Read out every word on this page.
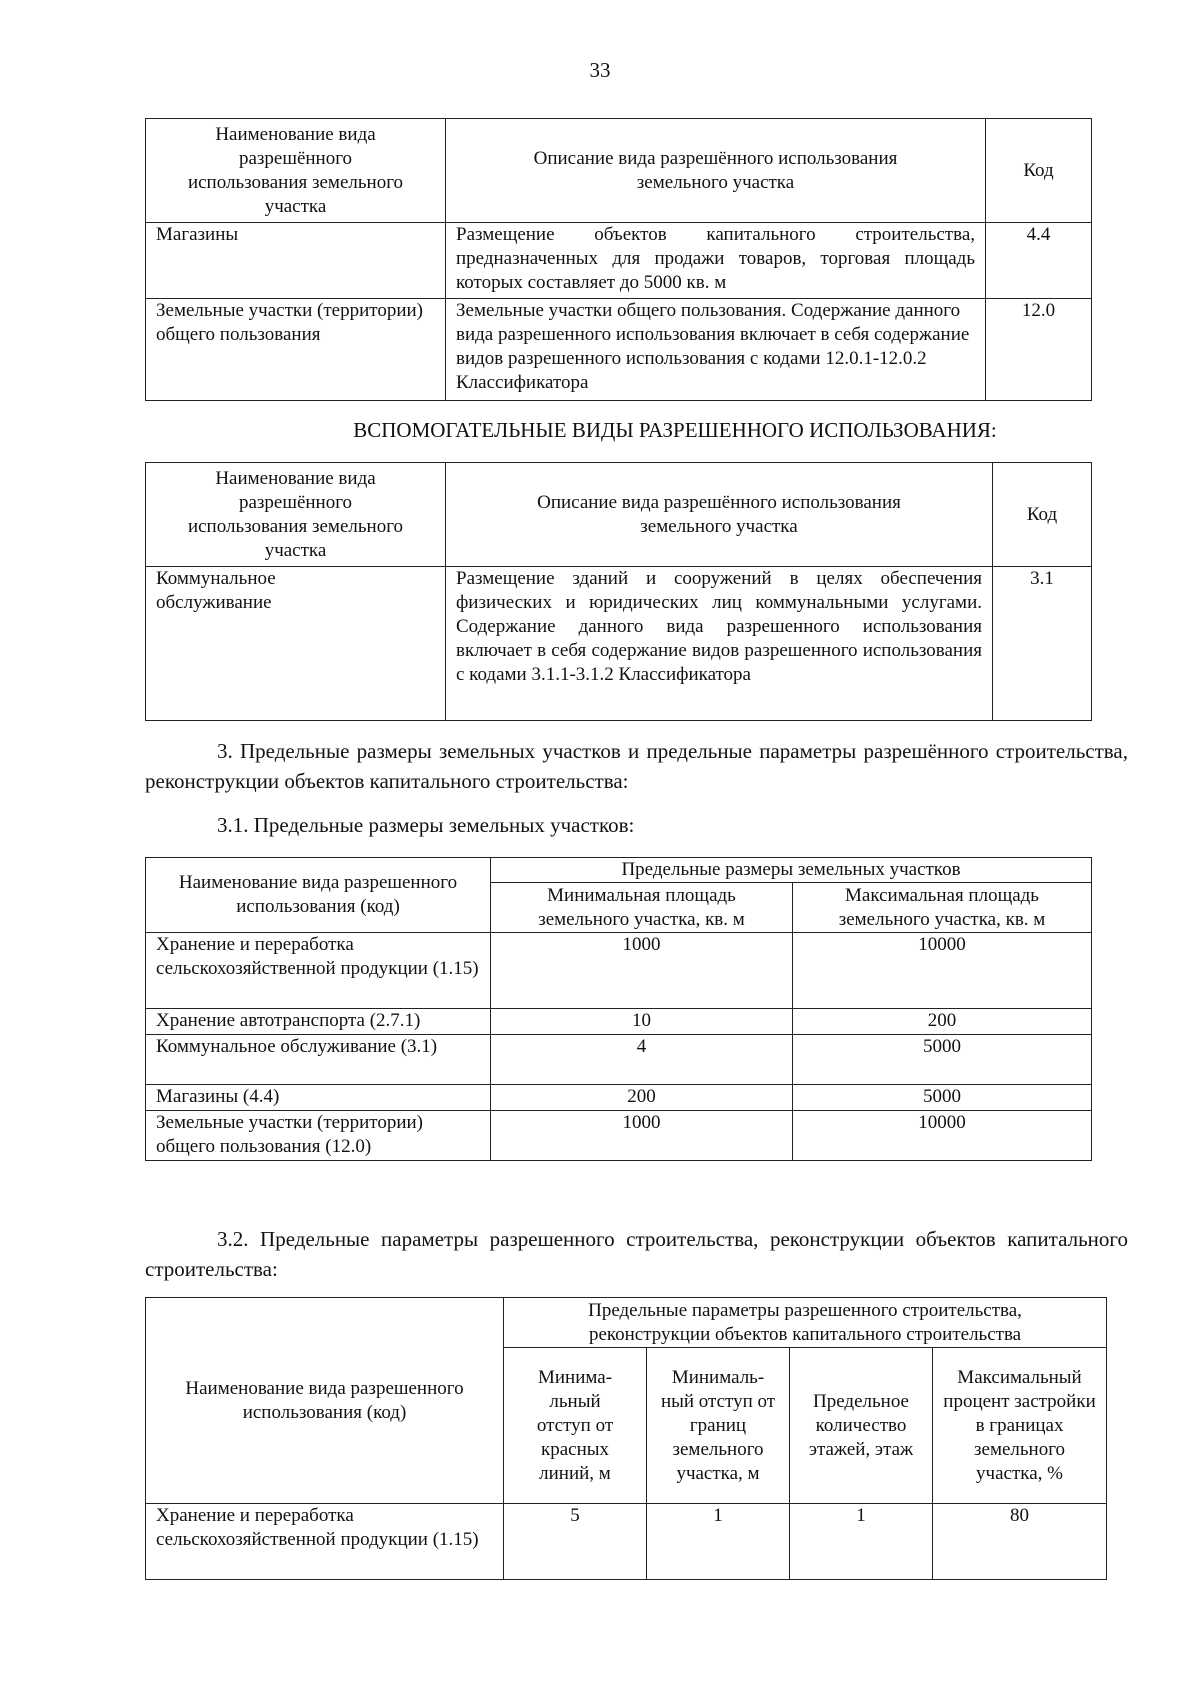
33
Наименование вида разрешённого использования земельного участка	Описание вида разрешённого использования земельного участка	Код
Магазины	Размещение объектов капитального строительства, предназначенных для продажи товаров, торговая площадь которых составляет до 5000 кв. м	4.4
Земельные участки (территории) общего пользования	Земельные участки общего пользования. Содержание данного вида разрешенного использования включает в себя содержание видов разрешенного использования с кодами 12.0.1-12.0.2 Классификатора	12.0
ВСПОМОГАТЕЛЬНЫЕ ВИДЫ РАЗРЕШЕННОГО ИСПОЛЬЗОВАНИЯ:
Наименование вида разрешённого использования земельного участка	Описание вида разрешённого использования земельного участка	Код
Коммунальное обслуживание	Размещение зданий и сооружений в целях обеспечения физических и юридических лиц коммунальными услугами. Содержание данного вида разрешенного использования включает в себя содержание видов разрешенного использования с кодами 3.1.1-3.1.2 Классификатора	3.1
3. Предельные размеры земельных участков и предельные параметры разрешённого строительства, реконструкции объектов капитального строительства:
3.1. Предельные размеры земельных участков:
Наименование вида разрешенного использования (код)	Предельные размеры земельных участков	
	Минимальная площадь земельного участка, кв. м	Максимальная площадь земельного участка, кв. м
Хранение и переработка сельскохозяйственной продукции (1.15)	1000	10000
Хранение автотранспорта (2.7.1)	10	200
Коммунальное обслуживание (3.1)	4	5000
Магазины (4.4)	200	5000
Земельные участки (территории) общего пользования (12.0)	1000	10000
3.2. Предельные параметры разрешенного строительства, реконструкции объектов капитального строительства:
Наименование вида разрешенного использования (код)	Предельные параметры разрешенного строительства, реконструкции объектов капитального строительства			
	Минима-льный отступ от красных линий, м	Минималь-ный отступ от границ земельного участка, м	Предельное количество этажей, этаж	Максимальный процент застройки в границах земельного участка, %
Хранение и переработка сельскохозяйственной продукции (1.15)	5	1	1	80
